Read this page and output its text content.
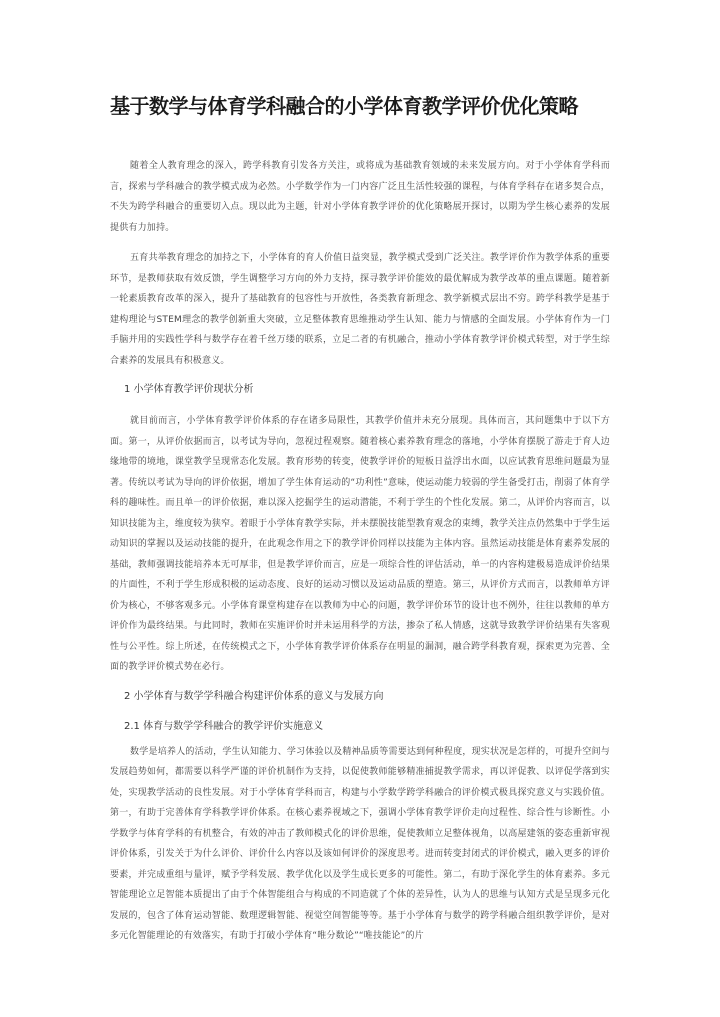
基于数学与体育学科融合的小学体育教学评价优化策略

随着全人教育理念的深入，跨学科教育引发各方关注，或将成为基础教育领域的未来发展方向。对于小学体育学科而言，探索与学科融合的教学模式成为必然。小学数学作为一门内容广泛且生活性较强的课程，与体育学科存在诸多契合点，不失为跨学科融合的重要切入点。现以此为主题，针对小学体育教学评价的优化策略展开探讨，以期为学生核心素养的发展提供有力加持。

五育共举教育理念的加持之下，小学体育的育人价值日益突显，教学模式受到广泛关注。教学评价作为教学体系的重要环节，是教师获取有效反馈，学生调整学习方向的外力支持，探寻教学评价能效的最优解成为教学改革的重点课题。随着新一轮素质教育改革的深入，提升了基础教育的包容性与开放性，各类教育新理念、教学新模式层出不穷。跨学科教学是基于建构理论与STEM理念的教学创新重大突破，立足整体教育思维推动学生认知、能力与情感的全面发展。小学体育作为一门手脑并用的实践性学科与数学存在着千丝万缕的联系，立足二者的有机融合，推动小学体育教学评价模式转型，对于学生综合素养的发展具有积极意义。

1 小学体育教学评价现状分析

就目前而言，小学体育教学评价体系的存在诸多局限性，其教学价值并未充分展现。具体而言，其问题集中于以下方面。第一，从评价依据而言，以考试为导向，忽视过程观察。随着核心素养教育理念的落地，小学体育摆脱了游走于育人边缘地带的境地，课堂教学呈现常态化发展。教育形势的转变，使教学评价的短板日益浮出水面，以应试教育思维问题最为显著。传统以考试为导向的评价依据，增加了学生体育运动的“功利性”意味，使运动能力较弱的学生备受打击，削弱了体育学科的趣味性。而且单一的评价依据，难以深入挖掘学生的运动潜能，不利于学生的个性化发展。第二，从评价内容而言，以知识技能为主，维度较为狭窄。着眼于小学体育教学实际，并未摆脱技能型教育观念的束缚，教学关注点仍然集中于学生运动知识的掌握以及运动技能的提升，在此观念作用之下的教学评价同样以技能为主体内容。虽然运动技能是体育素养发展的基础，教师强调技能培养本无可厚非，但是教学评价而言，应是一项综合性的评估活动，单一的内容构建极易造成评价结果的片面性，不利于学生形成积极的运动态度、良好的运动习惯以及运动品质的塑造。第三，从评价方式而言，以教师单方评价为核心，不够客观多元。小学体育课堂构建存在以教师为中心的问题，教学评价环节的设计也不例外，往往以教师的单方评价作为最终结果。与此同时，教师在实施评价时并未运用科学的方法，掺杂了私人情感，这就导致教学评价结果有失客观性与公平性。综上所述，在传统模式之下，小学体育教学评价体系存在明显的漏洞，融合跨学科教育观，探索更为完善、全面的教学评价模式势在必行。

2 小学体育与数学学科融合构建评价体系的意义与发展方向
2.1 体育与数学学科融合的教学评价实施意义

数学是培养人的活动，学生认知能力、学习体验以及精神品质等需要达到何种程度，现实状况是怎样的，可提升空间与发展趋势如何，都需要以科学严谨的评价机制作为支持，以促使教师能够精准捕捉教学需求，再以评促教、以评促学落到实处，实现教学活动的良性发展。对于小学体育学科而言，构建与小学数学跨学科融合的评价模式极具探究意义与实践价值。第一，有助于完善体育学科教学评价体系。在核心素养视域之下，强调小学体育教学评价走向过程性、综合性与诊断性。小学数学与体育学科的有机整合，有效的冲击了教师模式化的评价思维，促使教师立足整体视角，以高屋建瓴的姿态重新审视评价体系，引发关于为什么评价、评价什么内容以及该如何评价的深度思考。进而转变封闭式的评价模式，融入更多的评价要素，并完成重组与量评，赋予学科发展、教学优化以及学生成长更多的可能性。第二，有助于深化学生的体育素养。多元智能理论立足智能本质提出了由于个体智能组合与构成的不同造就了个体的差异性，认为人的思维与认知方式是呈现多元化发展的，包含了体育运动智能、数理逻辑智能、视觉空间智能等等。基于小学体育与数学的跨学科融合组织教学评价，是对多元化智能理论的有效落实，有助于打破小学体育“唯分数论”“唯技能论”的片
